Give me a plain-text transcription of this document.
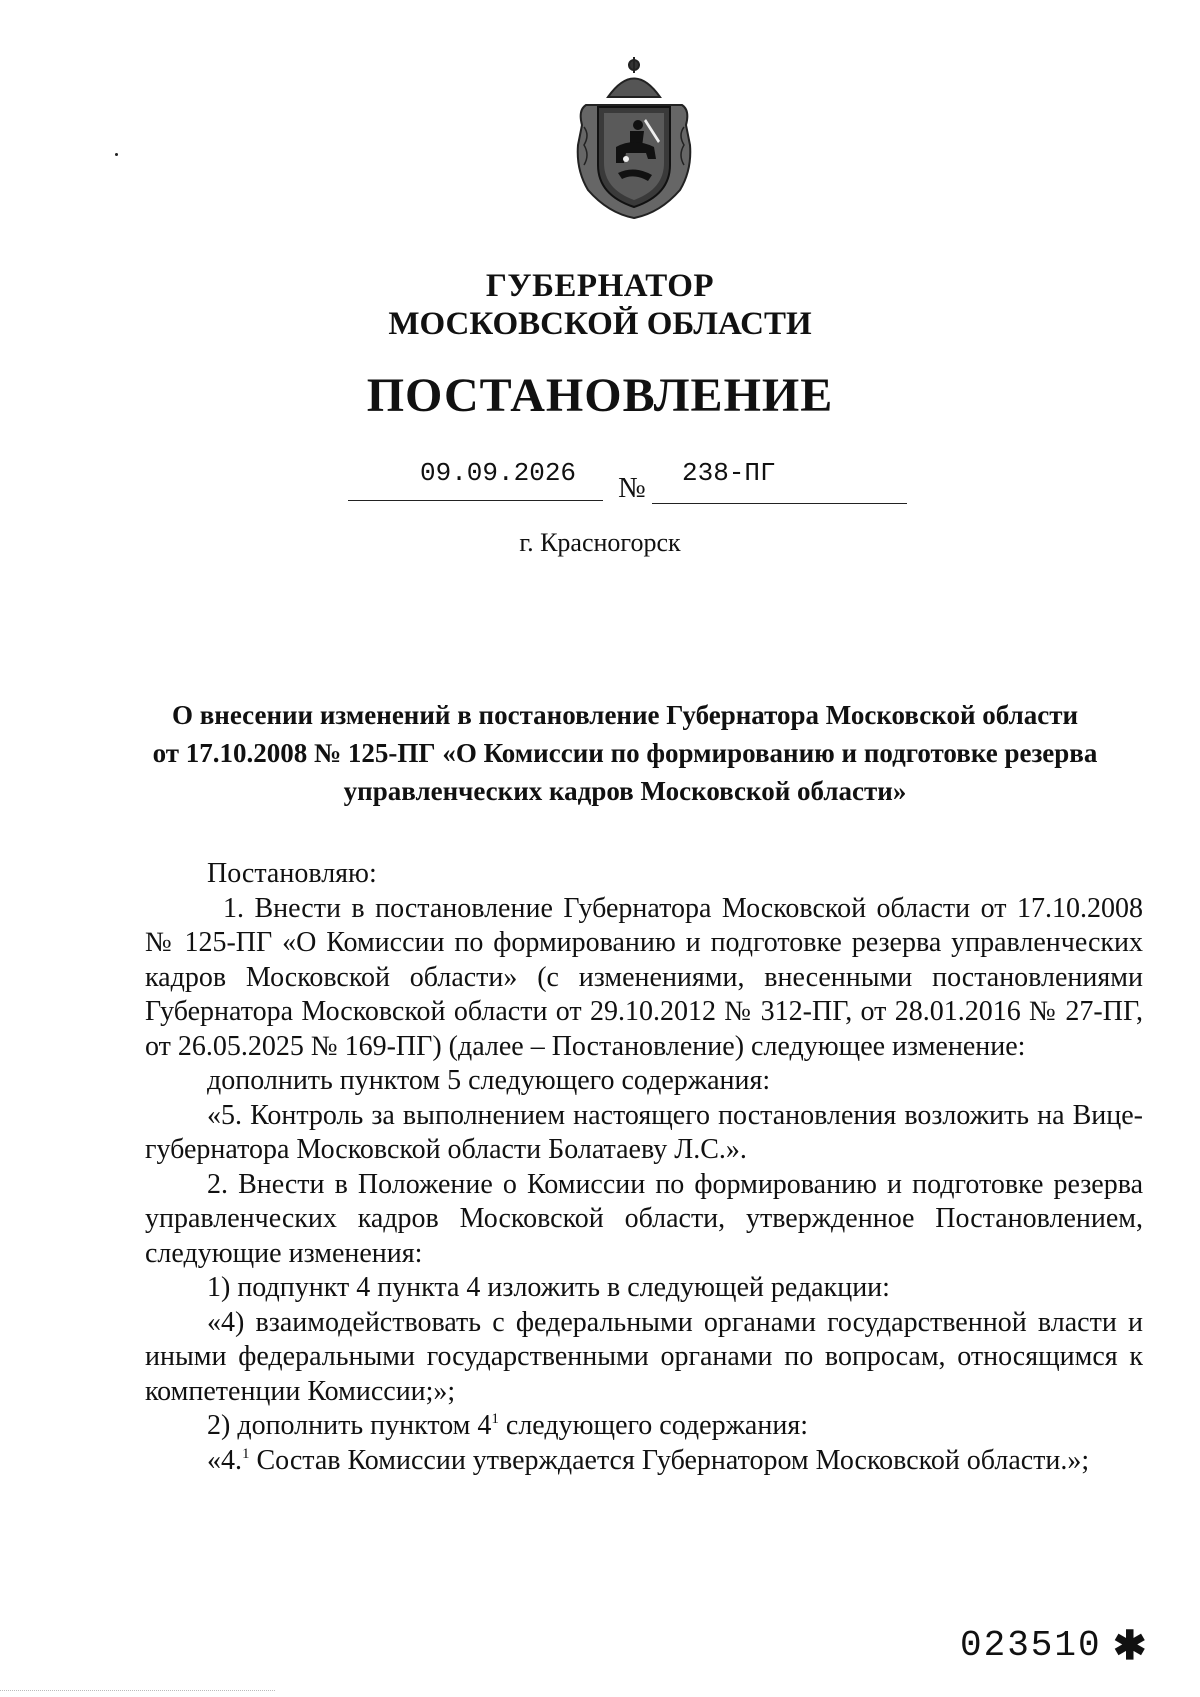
ГУБЕРНАТОР
МОСКОВСКОЙ ОБЛАСТИ
ПОСТАНОВЛЕНИЕ
09.09.2026 № 238-ПГ
г. Красногорск
О внесении изменений в постановление Губернатора Московской области
от 17.10.2008 № 125-ПГ «О Комиссии по формированию и подготовке резерва
управленческих кадров Московской области»
Постановляю:
1. Внести в постановление Губернатора Московской области от 17.10.2008 № 125-ПГ «О Комиссии по формированию и подготовке резерва управленческих кадров Московской области» (с изменениями, внесенными постановлениями Губернатора Московской области от 29.10.2012 № 312-ПГ, от 28.01.2016 № 27-ПГ, от 26.05.2025 № 169-ПГ) (далее – Постановление) следующее изменение:
дополнить пунктом 5 следующего содержания:
«5. Контроль за выполнением настоящего постановления возложить на Вице-губернатора Московской области Болатаеву Л.С.».
2. Внести в Положение о Комиссии по формированию и подготовке резерва управленческих кадров Московской области, утвержденное Постановлением, следующие изменения:
1) подпункт 4 пункта 4 изложить в следующей редакции:
«4) взаимодействовать с федеральными органами государственной власти и иными федеральными государственными органами по вопросам, относящимся к компетенции Комиссии;»;
2) дополнить пунктом $4^1$ следующего содержания:
«4.$^1$ Состав Комиссии утверждается Губернатором Московской области.»;
023510 ✱
